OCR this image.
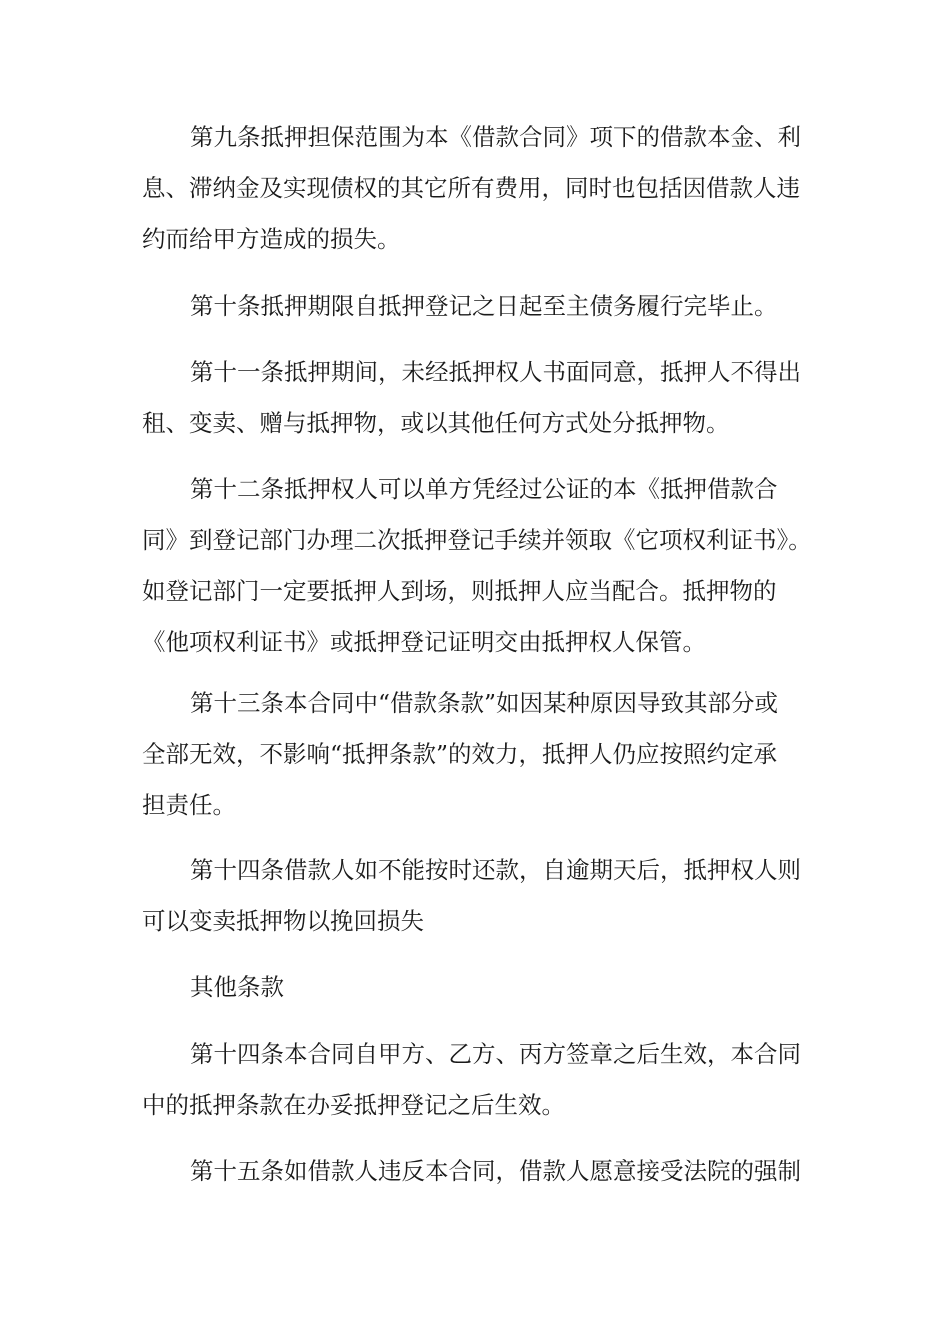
第九条抵押担保范围为本《借款合同》项下的借款本金、利
息、滞纳金及实现债权的其它所有费用，同时也包括因借款人违
约而给甲方造成的损失。
第十条抵押期限自抵押登记之日起至主债务履行完毕止。
第十一条抵押期间，未经抵押权人书面同意，抵押人不得出
租、变卖、赠与抵押物，或以其他任何方式处分抵押物。
第十二条抵押权人可以单方凭经过公证的本《抵押借款合
同》到登记部门办理二次抵押登记手续并领取《它项权利证书》。
如登记部门一定要抵押人到场，则抵押人应当配合。抵押物的
《他项权利证书》或抵押登记证明交由抵押权人保管。
第十三条本合同中“借款条款”如因某种原因导致其部分或
全部无效，不影响“抵押条款”的效力，抵押人仍应按照约定承
担责任。
第十四条借款人如不能按时还款，自逾期天后，抵押权人则
可以变卖抵押物以挽回损失
其他条款
第十四条本合同自甲方、乙方、丙方签章之后生效，本合同
中的抵押条款在办妥抵押登记之后生效。
第十五条如借款人违反本合同，借款人愿意接受法院的强制
